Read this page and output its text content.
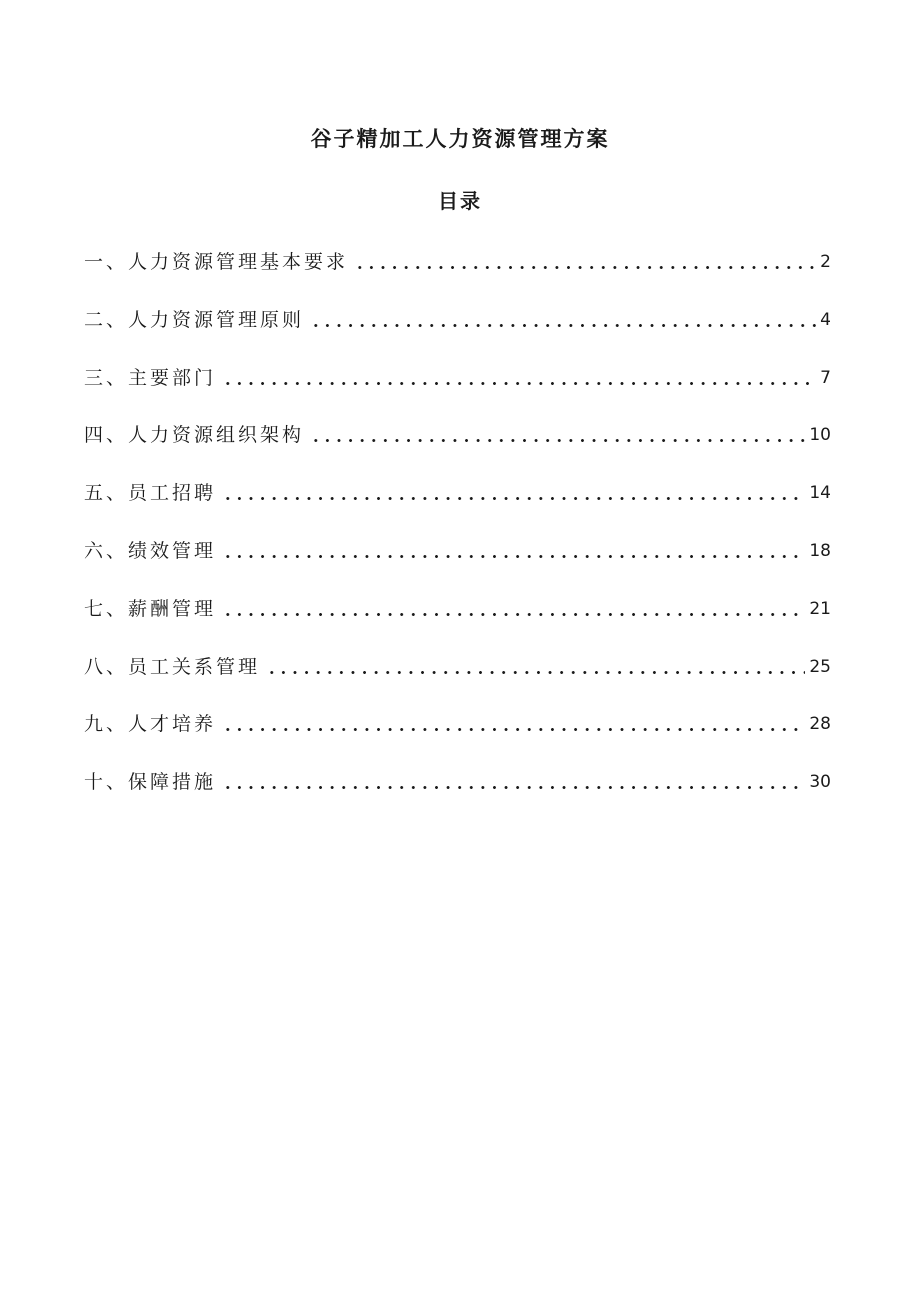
谷子精加工人力资源管理方案
目录
一、人力资源管理基本要求	2
二、人力资源管理原则	4
三、主要部门	7
四、人力资源组织架构	10
五、员工招聘	14
六、绩效管理	18
七、薪酬管理	21
八、员工关系管理	25
九、人才培养	28
十、保障措施	30
